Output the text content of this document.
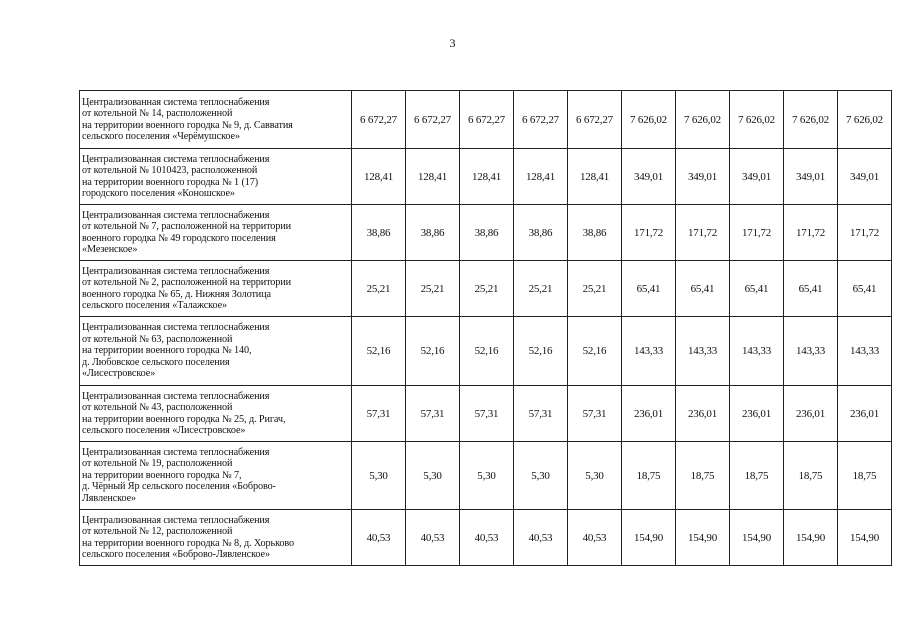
3
Централизованная система теплоснабжения
от котельной № 14, расположенной
на территории военного городка № 9, д. Савватия
сельского поселения «Черёмушское»	6 672,27	6 672,27	6 672,27	6 672,27	6 672,27	7 626,02	7 626,02	7 626,02	7 626,02	7 626,02

Централизованная система теплоснабжения
от котельной № 1010423, расположенной
на территории военного городка № 1 (17)
городского поселения «Коношское»	128,41	128,41	128,41	128,41	128,41	349,01	349,01	349,01	349,01	349,01

Централизованная система теплоснабжения
от котельной № 7, расположенной на территории
военного городка № 49 городского поселения
«Мезенское»	38,86	38,86	38,86	38,86	38,86	171,72	171,72	171,72	171,72	171,72

Централизованная система теплоснабжения
от котельной № 2, расположенной на территории
военного городка № 65, д. Нижняя Золотица
сельского поселения «Талажское»	25,21	25,21	25,21	25,21	25,21	65,41	65,41	65,41	65,41	65,41

Централизованная система теплоснабжения
от котельной № 63, расположенной
на территории военного городка № 140,
д. Любовское сельского поселения
«Лисестровское»	52,16	52,16	52,16	52,16	52,16	143,33	143,33	143,33	143,33	143,33

Централизованная система теплоснабжения
от котельной № 43, расположенной
на территории военного городка № 25, д. Ригач,
сельского поселения «Лисестровское»	57,31	57,31	57,31	57,31	57,31	236,01	236,01	236,01	236,01	236,01

Централизованная система теплоснабжения
от котельной № 19, расположенной
на территории военного городка № 7,
д. Чёрный Яр сельского поселения «Боброво-
Лявленское»	5,30	5,30	5,30	5,30	5,30	18,75	18,75	18,75	18,75	18,75

Централизованная система теплоснабжения
от котельной № 12, расположенной
на территории военного городка № 8, д. Хорьково
сельского поселения «Боброво-Лявленское»	40,53	40,53	40,53	40,53	40,53	154,90	154,90	154,90	154,90	154,90
